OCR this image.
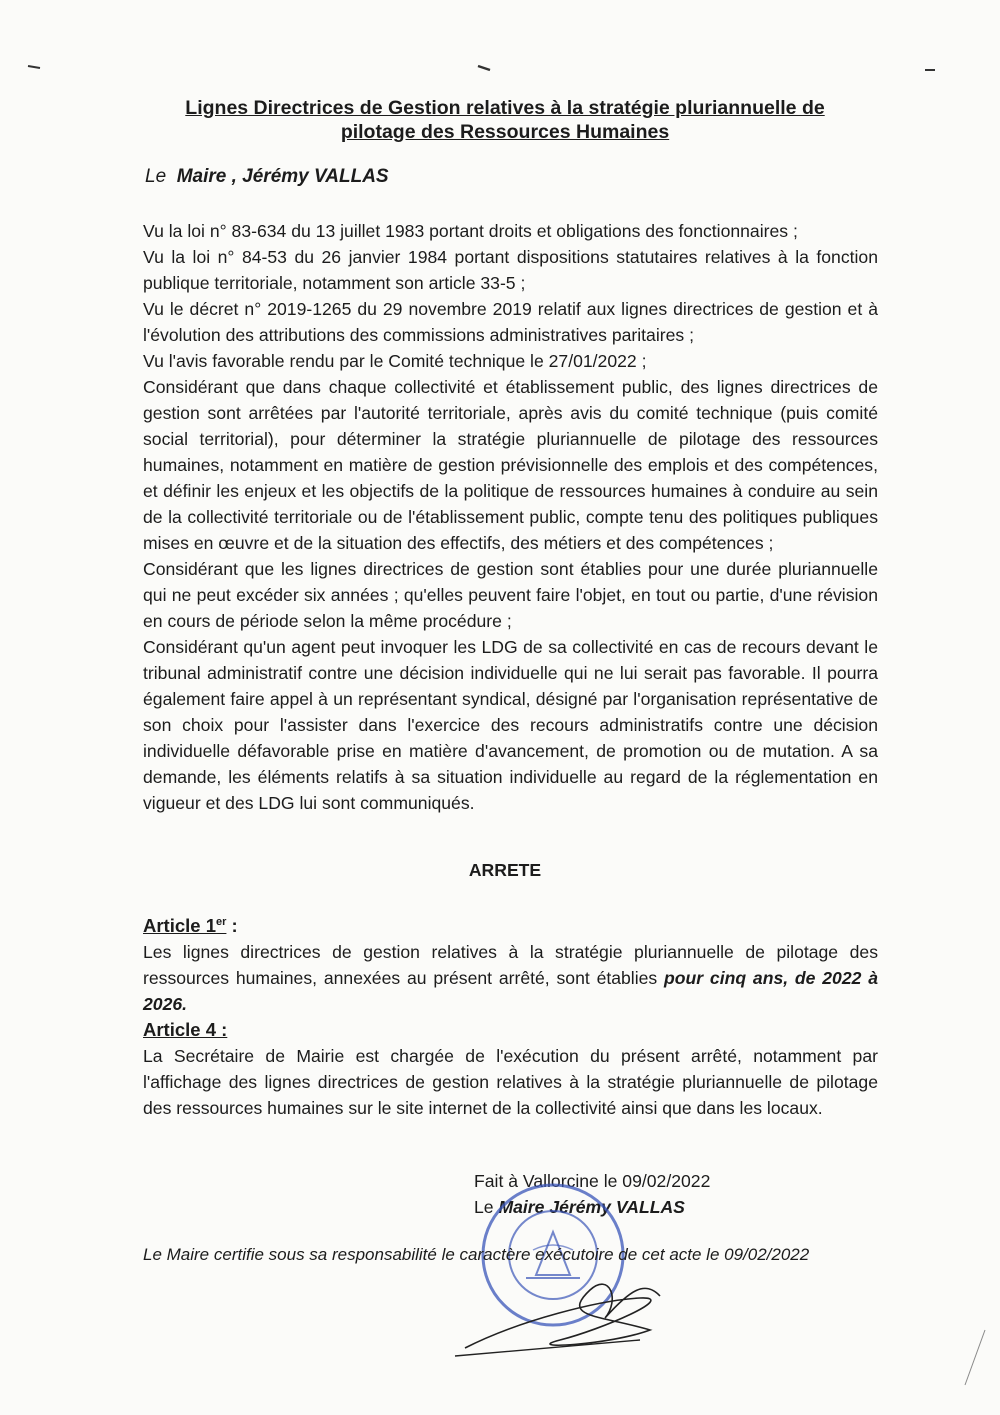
Lignes Directrices de Gestion relatives à la stratégie pluriannuelle de
pilotage des Ressources Humaines
Le Maire , Jérémy VALLAS

Vu la loi n° 83-634 du 13 juillet 1983 portant droits et obligations des fonctionnaires ;

Vu la loi n° 84-53 du 26 janvier 1984 portant dispositions statutaires relatives à la fonction publique territoriale, notamment son article 33-5 ;

Vu le décret n° 2019-1265 du 29 novembre 2019 relatif aux lignes directrices de gestion et à l'évolution des attributions des commissions administratives paritaires ;

Vu l'avis favorable rendu par le Comité technique le 27/01/2022 ;

Considérant que dans chaque collectivité et établissement public, des lignes directrices de gestion sont arrêtées par l'autorité territoriale, après avis du comité technique (puis comité social territorial), pour déterminer la stratégie pluriannuelle de pilotage des ressources humaines, notamment en matière de gestion prévisionnelle des emplois et des compétences, et définir les enjeux et les objectifs de la politique de ressources humaines à conduire au sein de la collectivité territoriale ou de l'établissement public, compte tenu des politiques publiques mises en œuvre et de la situation des effectifs, des métiers et des compétences ;

Considérant que les lignes directrices de gestion sont établies pour une durée pluriannuelle qui ne peut excéder six années ; qu'elles peuvent faire l'objet, en tout ou partie, d'une révision en cours de période selon la même procédure ;

Considérant qu'un agent peut invoquer les LDG de sa collectivité en cas de recours devant le tribunal administratif contre une décision individuelle qui ne lui serait pas favorable. Il pourra également faire appel à un représentant syndical, désigné par l'organisation représentative de son choix pour l'assister dans l'exercice des recours administratifs contre une décision individuelle défavorable prise en matière d'avancement, de promotion ou de mutation. A sa demande, les éléments relatifs à sa situation individuelle au regard de la réglementation en vigueur et des LDG lui sont communiqués.

ARRETE

Article 1er :

Les lignes directrices de gestion relatives à la stratégie pluriannuelle de pilotage des ressources humaines, annexées au présent arrêté, sont établies pour cinq ans, de 2022 à 2026.

Article 4 :

La Secrétaire de Mairie est chargée de l'exécution du présent arrêté, notamment par l'affichage des lignes directrices de gestion relatives à la stratégie pluriannuelle de pilotage des ressources humaines sur le site internet de la collectivité ainsi que dans les locaux.

Fait à Vallorcine le 09/02/2022
Le Maire Jérémy VALLAS
Le Maire certifie sous sa responsabilité le caractère exécutoire de cet acte le 09/02/2022
